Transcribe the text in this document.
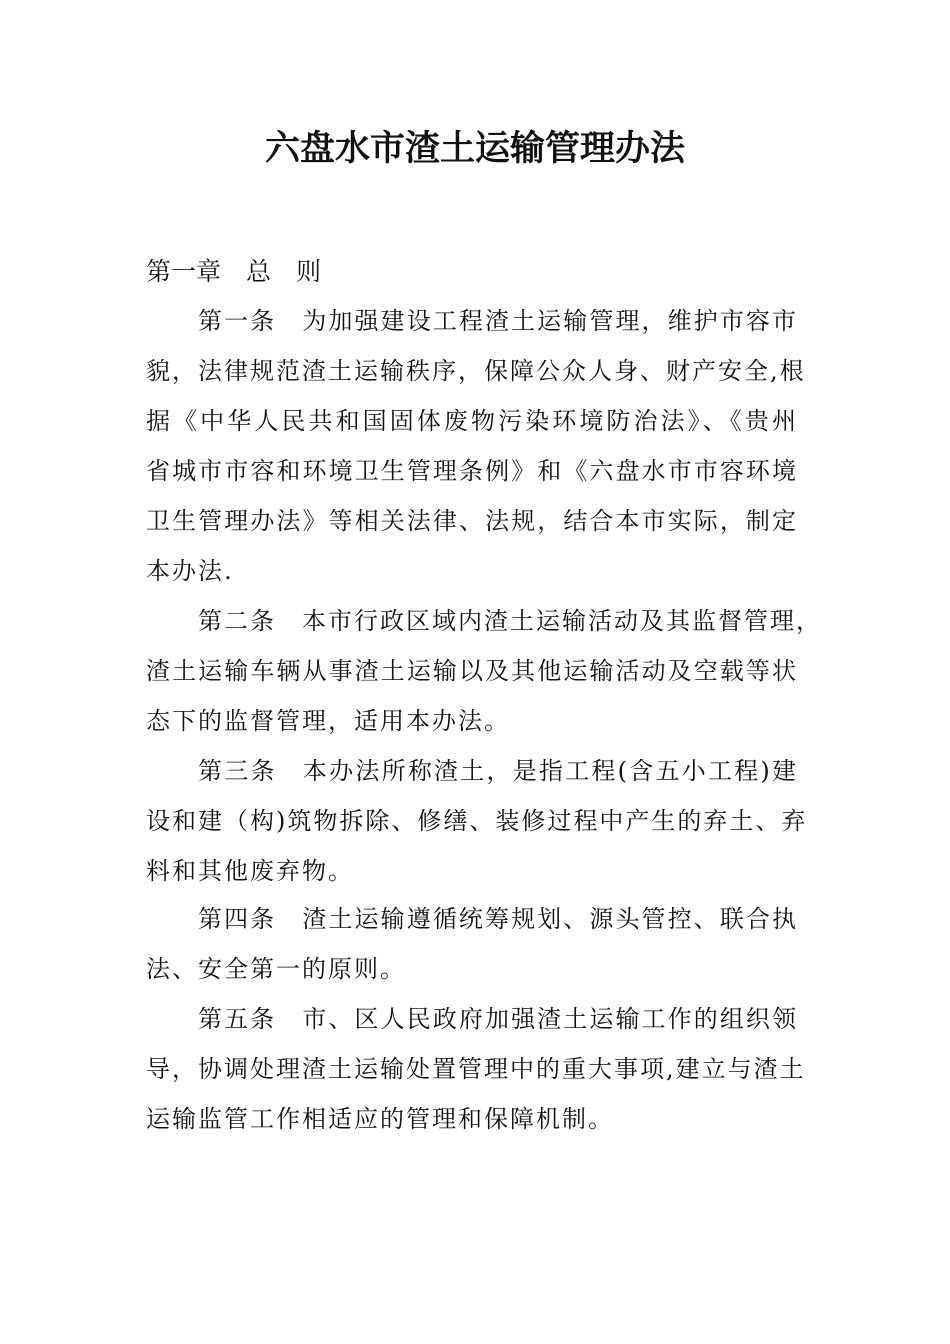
六盘水市渣土运输管理办法
第一章　总　则
第一条　为加强建设工程渣土运输管理，维护市容市
貌，法律规范渣土运输秩序，保障公众人身、财产安全,根
据《中华人民共和国固体废物污染环境防治法》、《贵州
省城市市容和环境卫生管理条例》和《六盘水市市容环境
卫生管理办法》等相关法律、法规，结合本市实际，制定
本办法.
第二条　本市行政区域内渣土运输活动及其监督管理，
渣土运输车辆从事渣土运输以及其他运输活动及空载等状
态下的监督管理，适用本办法。
第三条　本办法所称渣土，是指工程(含五小工程)建
设和建（构)筑物拆除、修缮、装修过程中产生的弃土、弃
料和其他废弃物。
第四条　渣土运输遵循统筹规划、源头管控、联合执
法、安全第一的原则。
第五条　市、区人民政府加强渣土运输工作的组织领
导，协调处理渣土运输处置管理中的重大事项,建立与渣土
运输监管工作相适应的管理和保障机制。
